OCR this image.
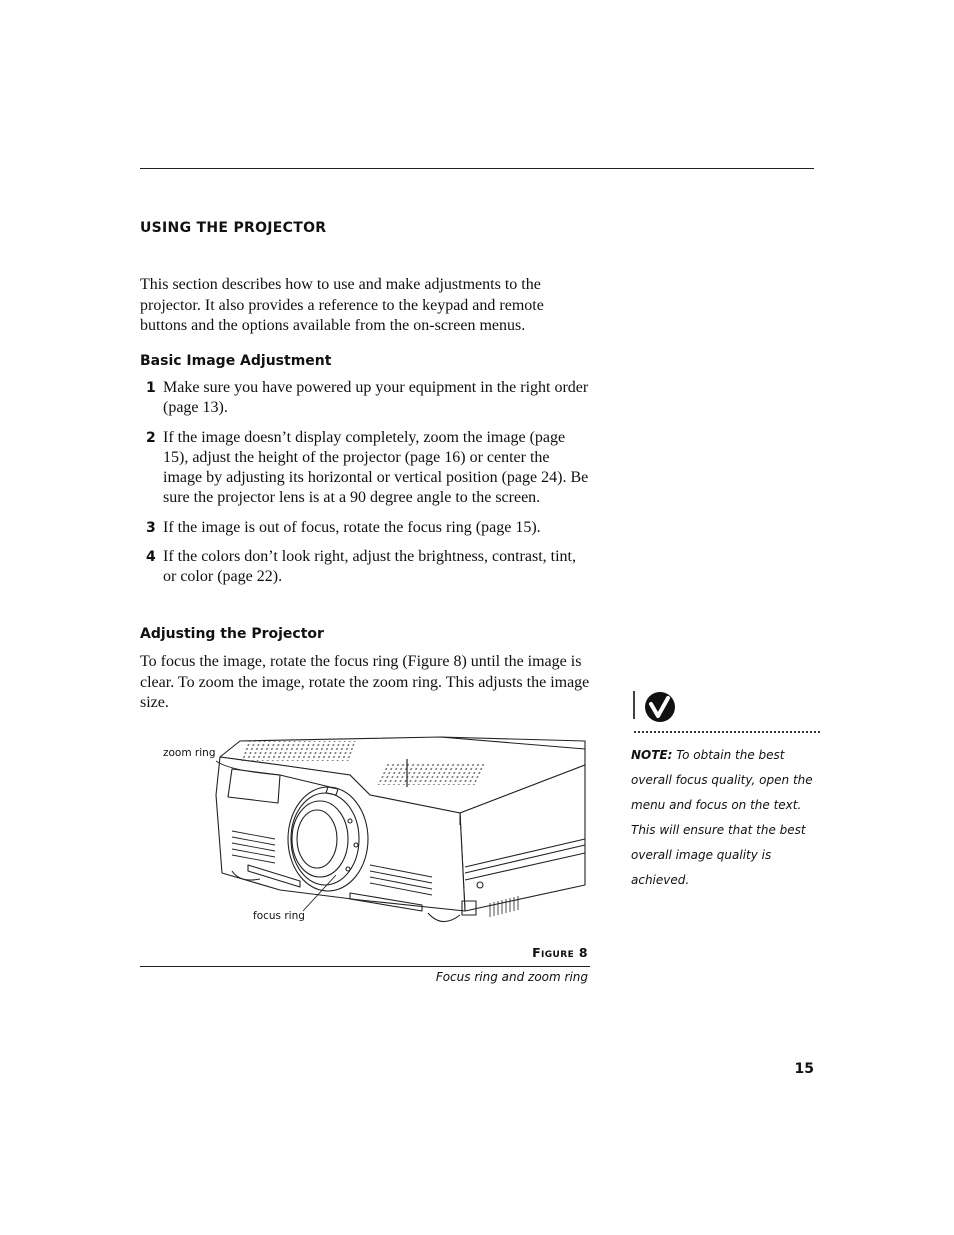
USING THE PROJECTOR

This section describes how to use and make adjustments to the projector. It also provides a reference to the keypad and remote buttons and the options available from the on-screen menus.

Basic Image Adjustment
1 Make sure you have powered up your equipment in the right order (page 13).
2 If the image doesn’t display completely, zoom the image (page 15), adjust the height of the projector (page 16) or center the image by adjusting its horizontal or vertical position (page 24). Be sure the projector lens is at a 90 degree angle to the screen.
3 If the image is out of focus, rotate the focus ring (page 15).
4 If the colors don’t look right, adjust the brightness, contrast, tint, or color (page 22).
Adjusting the Projector

To focus the image, rotate the focus ring (Figure 8) until the image is clear. To zoom the image, rotate the zoom ring. This adjusts the image size.

zoom ring
focus ring
Figure 8
Focus ring and zoom ring

NOTE: To obtain the best overall focus quality, open the menu and focus on the text. This will ensure that the best overall image quality is achieved.

15
